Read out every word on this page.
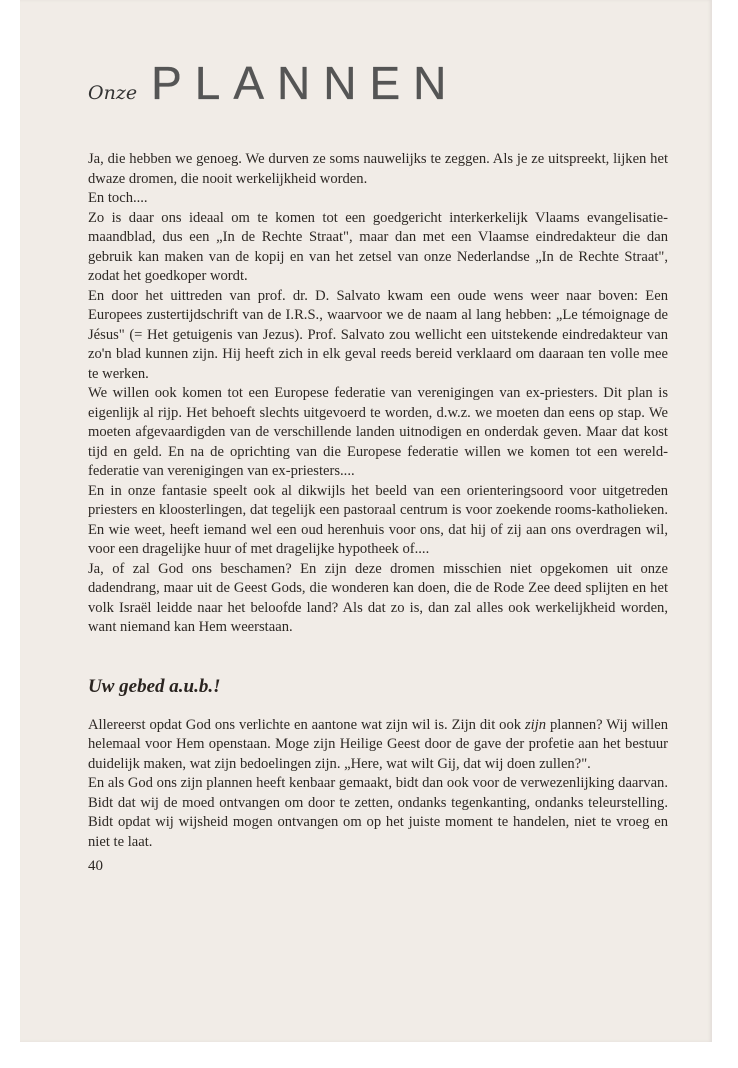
Onze PLANNEN

Ja, die hebben we genoeg. We durven ze soms nauwelijks te zeggen. Als je ze uitspreekt, lijken het dwaze dromen, die nooit werkelijkheid worden.

En toch....

Zo is daar ons ideaal om te komen tot een goedgericht interkerkelijk Vlaams evangelisatie-maandblad, dus een „In de Rechte Straat", maar dan met een Vlaamse eindredakteur die dan gebruik kan maken van de kopij en van het zetsel van onze Nederlandse „In de Rechte Straat", zodat het goedkoper wordt.

En door het uittreden van prof. dr. D. Salvato kwam een oude wens weer naar boven: Een Europees zustertijdschrift van de I.R.S., waarvoor we de naam al lang hebben: „Le témoignage de Jésus" (= Het getuigenis van Jezus). Prof. Salvato zou wellicht een uitstekende eindredakteur van zo'n blad kunnen zijn. Hij heeft zich in elk geval reeds bereid verklaard om daaraan ten volle mee te werken.

We willen ook komen tot een Europese federatie van verenigingen van ex-priesters. Dit plan is eigenlijk al rijp. Het behoeft slechts uitgevoerd te worden, d.w.z. we moeten dan eens op stap. We moeten afgevaardigden van de verschillende landen uitnodigen en onderdak geven. Maar dat kost tijd en geld. En na de oprichting van die Europese federatie willen we komen tot een wereld-federatie van verenigingen van ex-priesters....

En in onze fantasie speelt ook al dikwijls het beeld van een orienteringsoord voor uitgetreden priesters en kloosterlingen, dat tegelijk een pastoraal centrum is voor zoekende rooms-katholieken. En wie weet, heeft iemand wel een oud herenhuis voor ons, dat hij of zij aan ons overdragen wil, voor een dragelijke huur of met dragelijke hypotheek of....

Ja, of zal God ons beschamen? En zijn deze dromen misschien niet opgekomen uit onze dadendrang, maar uit de Geest Gods, die wonderen kan doen, die de Rode Zee deed splijten en het volk Israël leidde naar het beloofde land? Als dat zo is, dan zal alles ook werkelijkheid worden, want niemand kan Hem weerstaan.

Uw gebed a.u.b.!

Allereerst opdat God ons verlichte en aantone wat zijn wil is. Zijn dit ook zijn plannen? Wij willen helemaal voor Hem openstaan. Moge zijn Heilige Geest door de gave der profetie aan het bestuur duidelijk maken, wat zijn bedoelingen zijn. „Here, wat wilt Gij, dat wij doen zullen?".

En als God ons zijn plannen heeft kenbaar gemaakt, bidt dan ook voor de verwezenlijking daarvan. Bidt dat wij de moed ontvangen om door te zetten, ondanks tegenkanting, ondanks teleurstelling. Bidt opdat wij wijsheid mogen ontvangen om op het juiste moment te handelen, niet te vroeg en niet te laat.

40
